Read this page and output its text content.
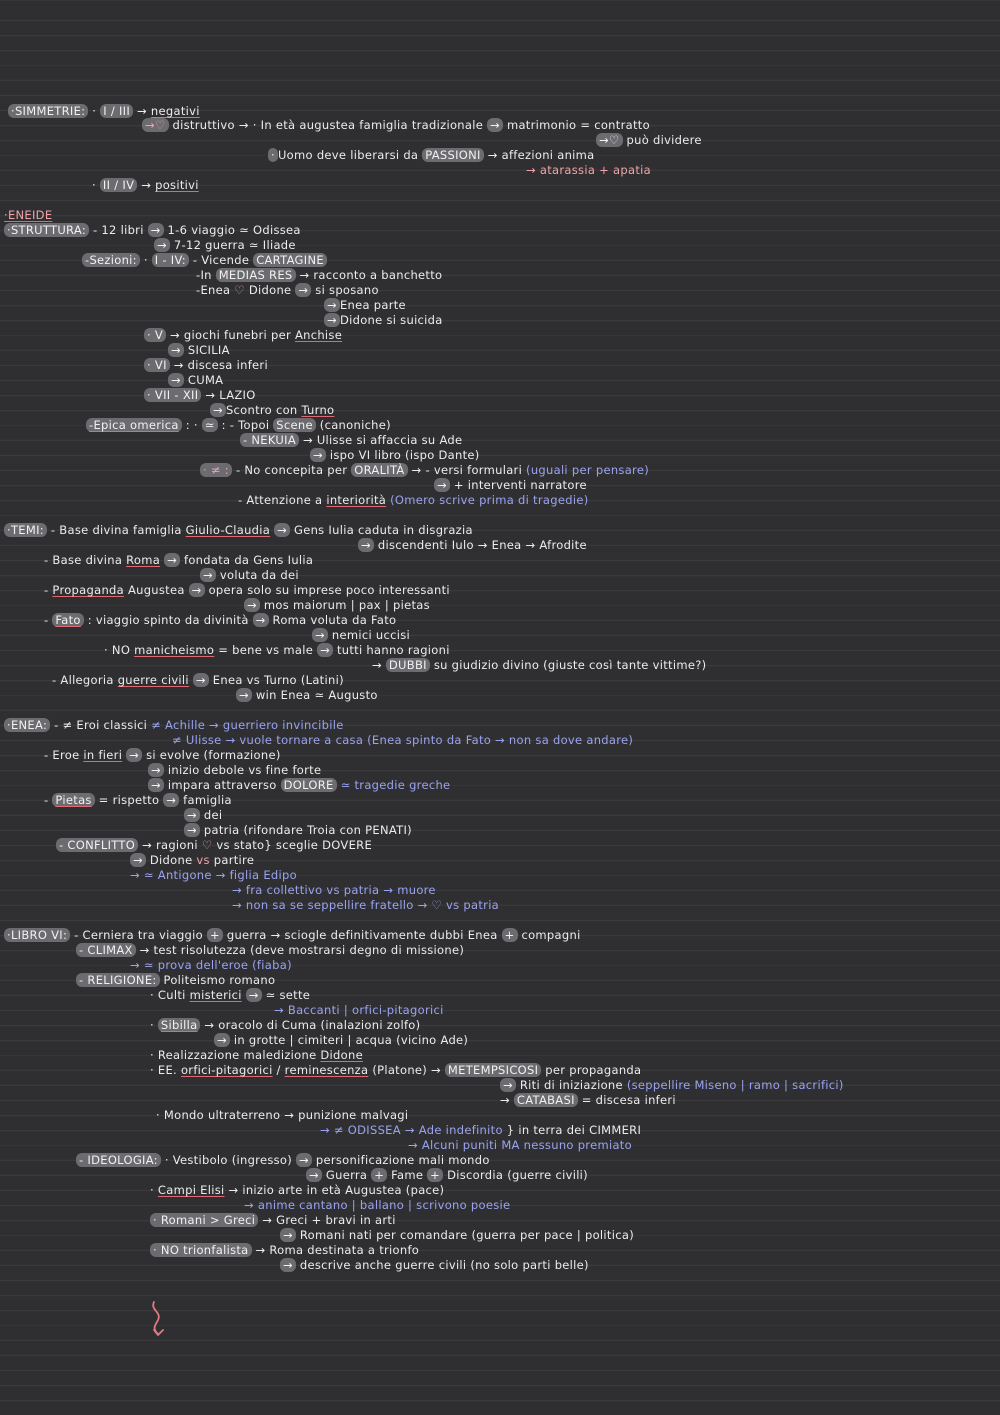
·SIMMETRIE: · I / III → negativi
→♡ distruttivo → · In età augustea famiglia tradizionale → matrimonio = contratto
→♡ può dividere
· Uomo deve liberarsi da PASSIONI → affezioni anima
→ atarassia + apatia
· II / IV → positivi
·ENEIDE
·STRUTTURA: - 12 libri → 1-6 viaggio ≃ Odissea
→ 7-12 guerra ≃ Iliade
-Sezioni: · I - IV: - Vicende CARTAGINE
-In MEDIAS RES → racconto a banchetto
-Enea ♡ Didone → si sposano
→ Enea parte
→ Didone si suicida
· V → giochi funebri per Anchise
→ SICILIA
· VI → discesa inferi
→ CUMA
· VII - XII → LAZIO
→ Scontro con Turno
-Epica omerica : · ≃ : - Topoi Scene (canoniche)
- NEKUIA → Ulisse si affaccia su Ade
→ ispo VI libro (ispo Dante)
· ≠ : - No concepita per ORALITÀ → - versi formulari (uguali per pensare)
→ + interventi narratore
- Attenzione a interiorità (Omero scrive prima di tragedie)
·TEMI: - Base divina famiglia Giulio-Claudia → Gens Iulia caduta in disgrazia
→ discendenti Iulo → Enea → Afrodite
- Base divina Roma → fondata da Gens Iulia
→ voluta da dei
- Propaganda Augustea → opera solo su imprese poco interessanti
→ mos maiorum | pax | pietas
- Fato : viaggio spinto da divinità → Roma voluta da Fato
→ nemici uccisi
· NO manicheismo = bene vs male → tutti hanno ragioni
→ DUBBI su giudizio divino (giuste così tante vittime?)
- Allegoria guerre civili → Enea vs Turno (Latini)
→ win Enea ≃ Augusto
·ENEA: - ≠ Eroi classici ≠ Achille → guerriero invincibile
≠ Ulisse → vuole tornare a casa (Enea spinto da Fato → non sa dove andare)
- Eroe in fieri → si evolve (formazione)
→ inizio debole vs fine forte
→ impara attraverso DOLORE ≃ tragedie greche
- Pietas = rispetto → famiglia
→ dei
→ patria (rifondare Troia con PENATI)
- CONFLITTO → ragioni ♡ vs stato} sceglie DOVERE
→ Didone vs partire
→ ≃ Antigone → figlia Edipo
→ fra collettivo vs patria → muore
→ non sa se seppellire fratello → ♡ vs patria
·LIBRO VI: - Cerniera tra viaggio + guerra → sciogle definitivamente dubbi Enea + compagni
- CLIMAX → test risolutezza (deve mostrarsi degno di missione)
→ ≃ prova dell'eroe (fiaba)
- RELIGIONE: Politeismo romano
· Culti misterici → ≃ sette
→ Baccanti | orfici-pitagorici
· Sibilla → oracolo di Cuma (inalazioni zolfo)
→ in grotte | cimiteri | acqua (vicino Ade)
· Realizzazione maledizione Didone
· EE. orfici-pitagorici / reminescenza (Platone) → METEMPSICOSI per propaganda
→ Riti di iniziazione (seppellire Miseno | ramo | sacrifici)
→ CATABASI = discesa inferi
· Mondo ultraterreno → punizione malvagi
→ ≠ ODISSEA → Ade indefinito } in terra dei CIMMERI
→ Alcuni puniti MA nessuno premiato
- IDEOLOGIA: · Vestibolo (ingresso) → personificazione mali mondo
→ Guerra + Fame + Discordia (guerre civili)
· Campi Elisi → inizio arte in età Augustea (pace)
→ anime cantano | ballano | scrivono poesie
· Romani > Greci → Greci + bravi in arti
→ Romani nati per comandare (guerra per pace | politica)
· NO trionfalista → Roma destinata a trionfo
→ descrive anche guerre civili (no solo parti belle)
